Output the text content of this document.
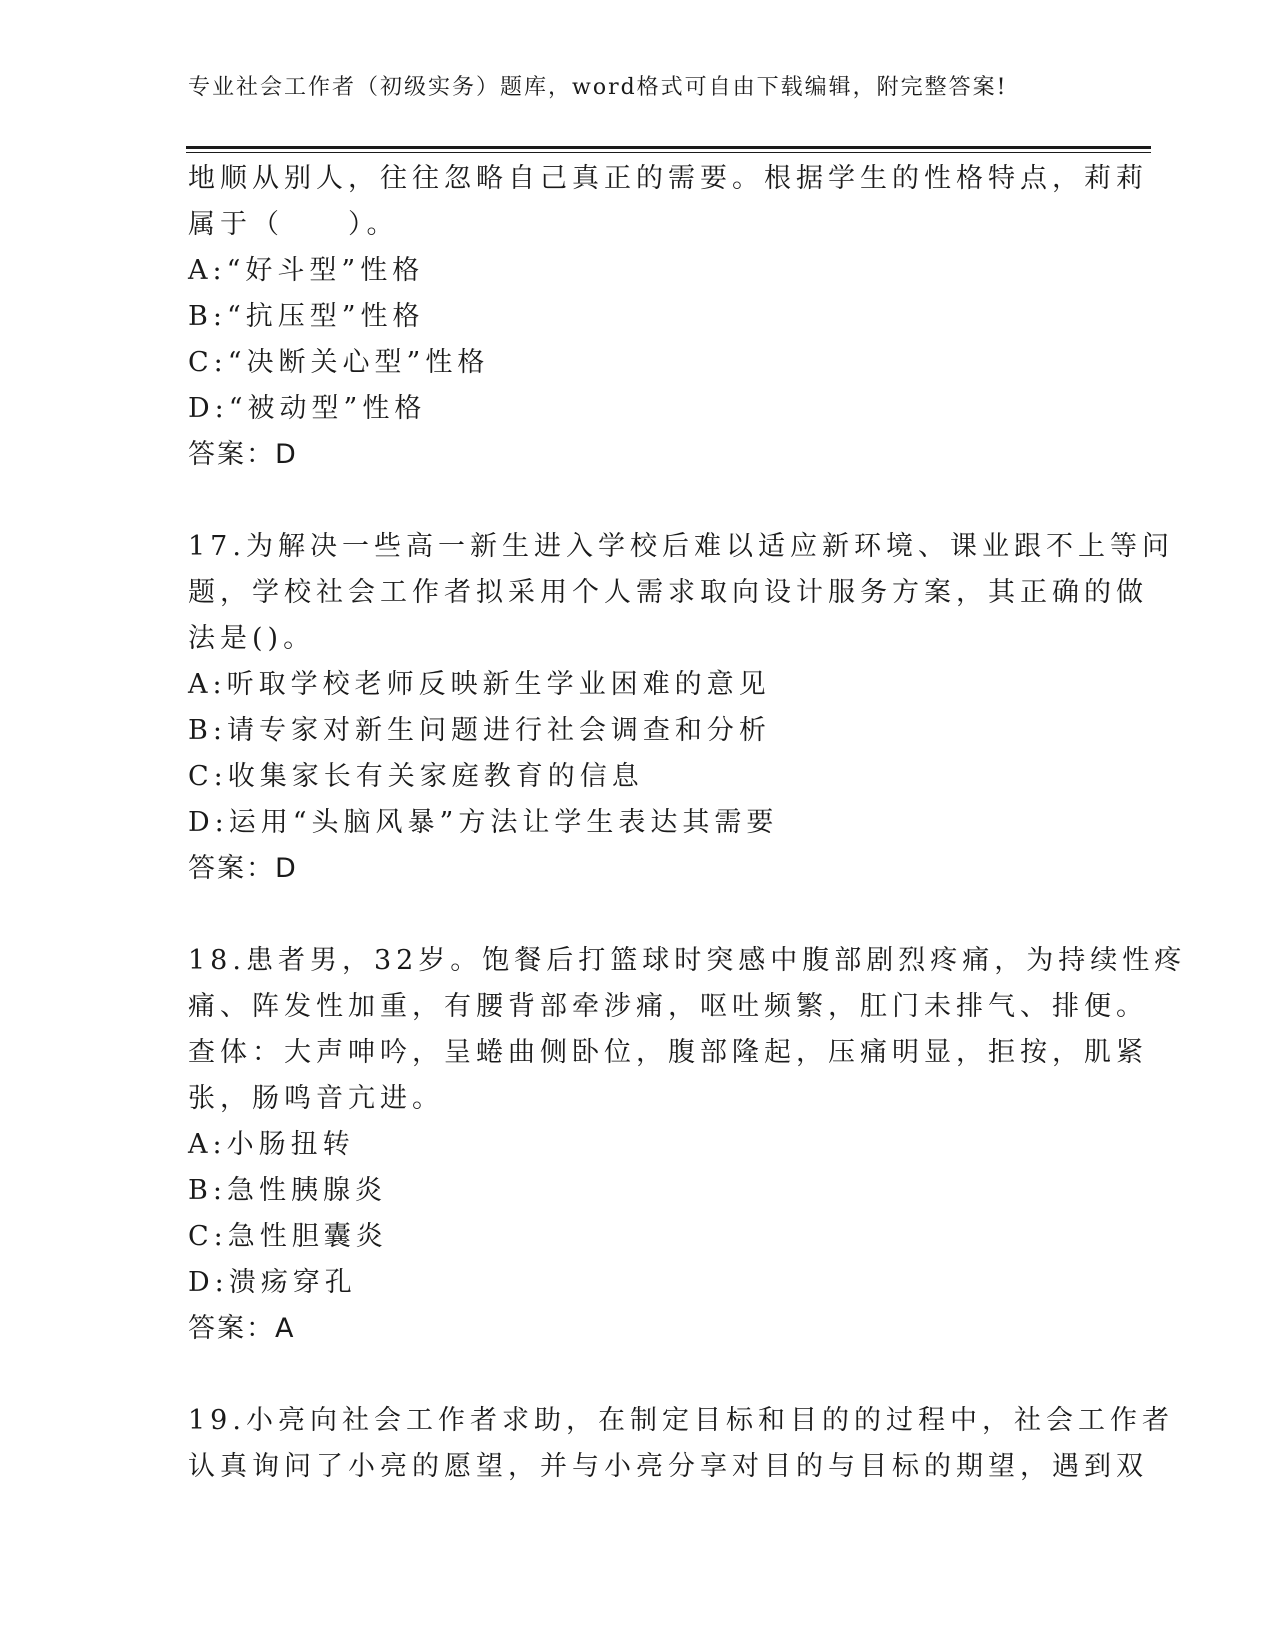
专业社会工作者（初级实务）题库，word格式可自由下载编辑，附完整答案!
地顺从别人，往往忽略自己真正的需要。根据学生的性格特点，莉莉
属于（　　）。
A:“好斗型”性格
B:“抗压型”性格
C:“决断关心型”性格
D:“被动型”性格
答案：D
17.为解决一些高一新生进入学校后难以适应新环境、课业跟不上等问
题，学校社会工作者拟采用个人需求取向设计服务方案，其正确的做
法是()。
A:听取学校老师反映新生学业困难的意见
B:请专家对新生问题进行社会调查和分析
C:收集家长有关家庭教育的信息
D:运用“头脑风暴”方法让学生表达其需要
答案：D
18.患者男，32岁。饱餐后打篮球时突感中腹部剧烈疼痛，为持续性疼
痛、阵发性加重，有腰背部牵涉痛，呕吐频繁，肛门未排气、排便。
查体：大声呻吟，呈蜷曲侧卧位，腹部隆起，压痛明显，拒按，肌紧
张，肠鸣音亢进。
A:小肠扭转
B:急性胰腺炎
C:急性胆囊炎
D:溃疡穿孔
答案：A
19.小亮向社会工作者求助，在制定目标和目的的过程中，社会工作者
认真询问了小亮的愿望，并与小亮分享对目的与目标的期望，遇到双
